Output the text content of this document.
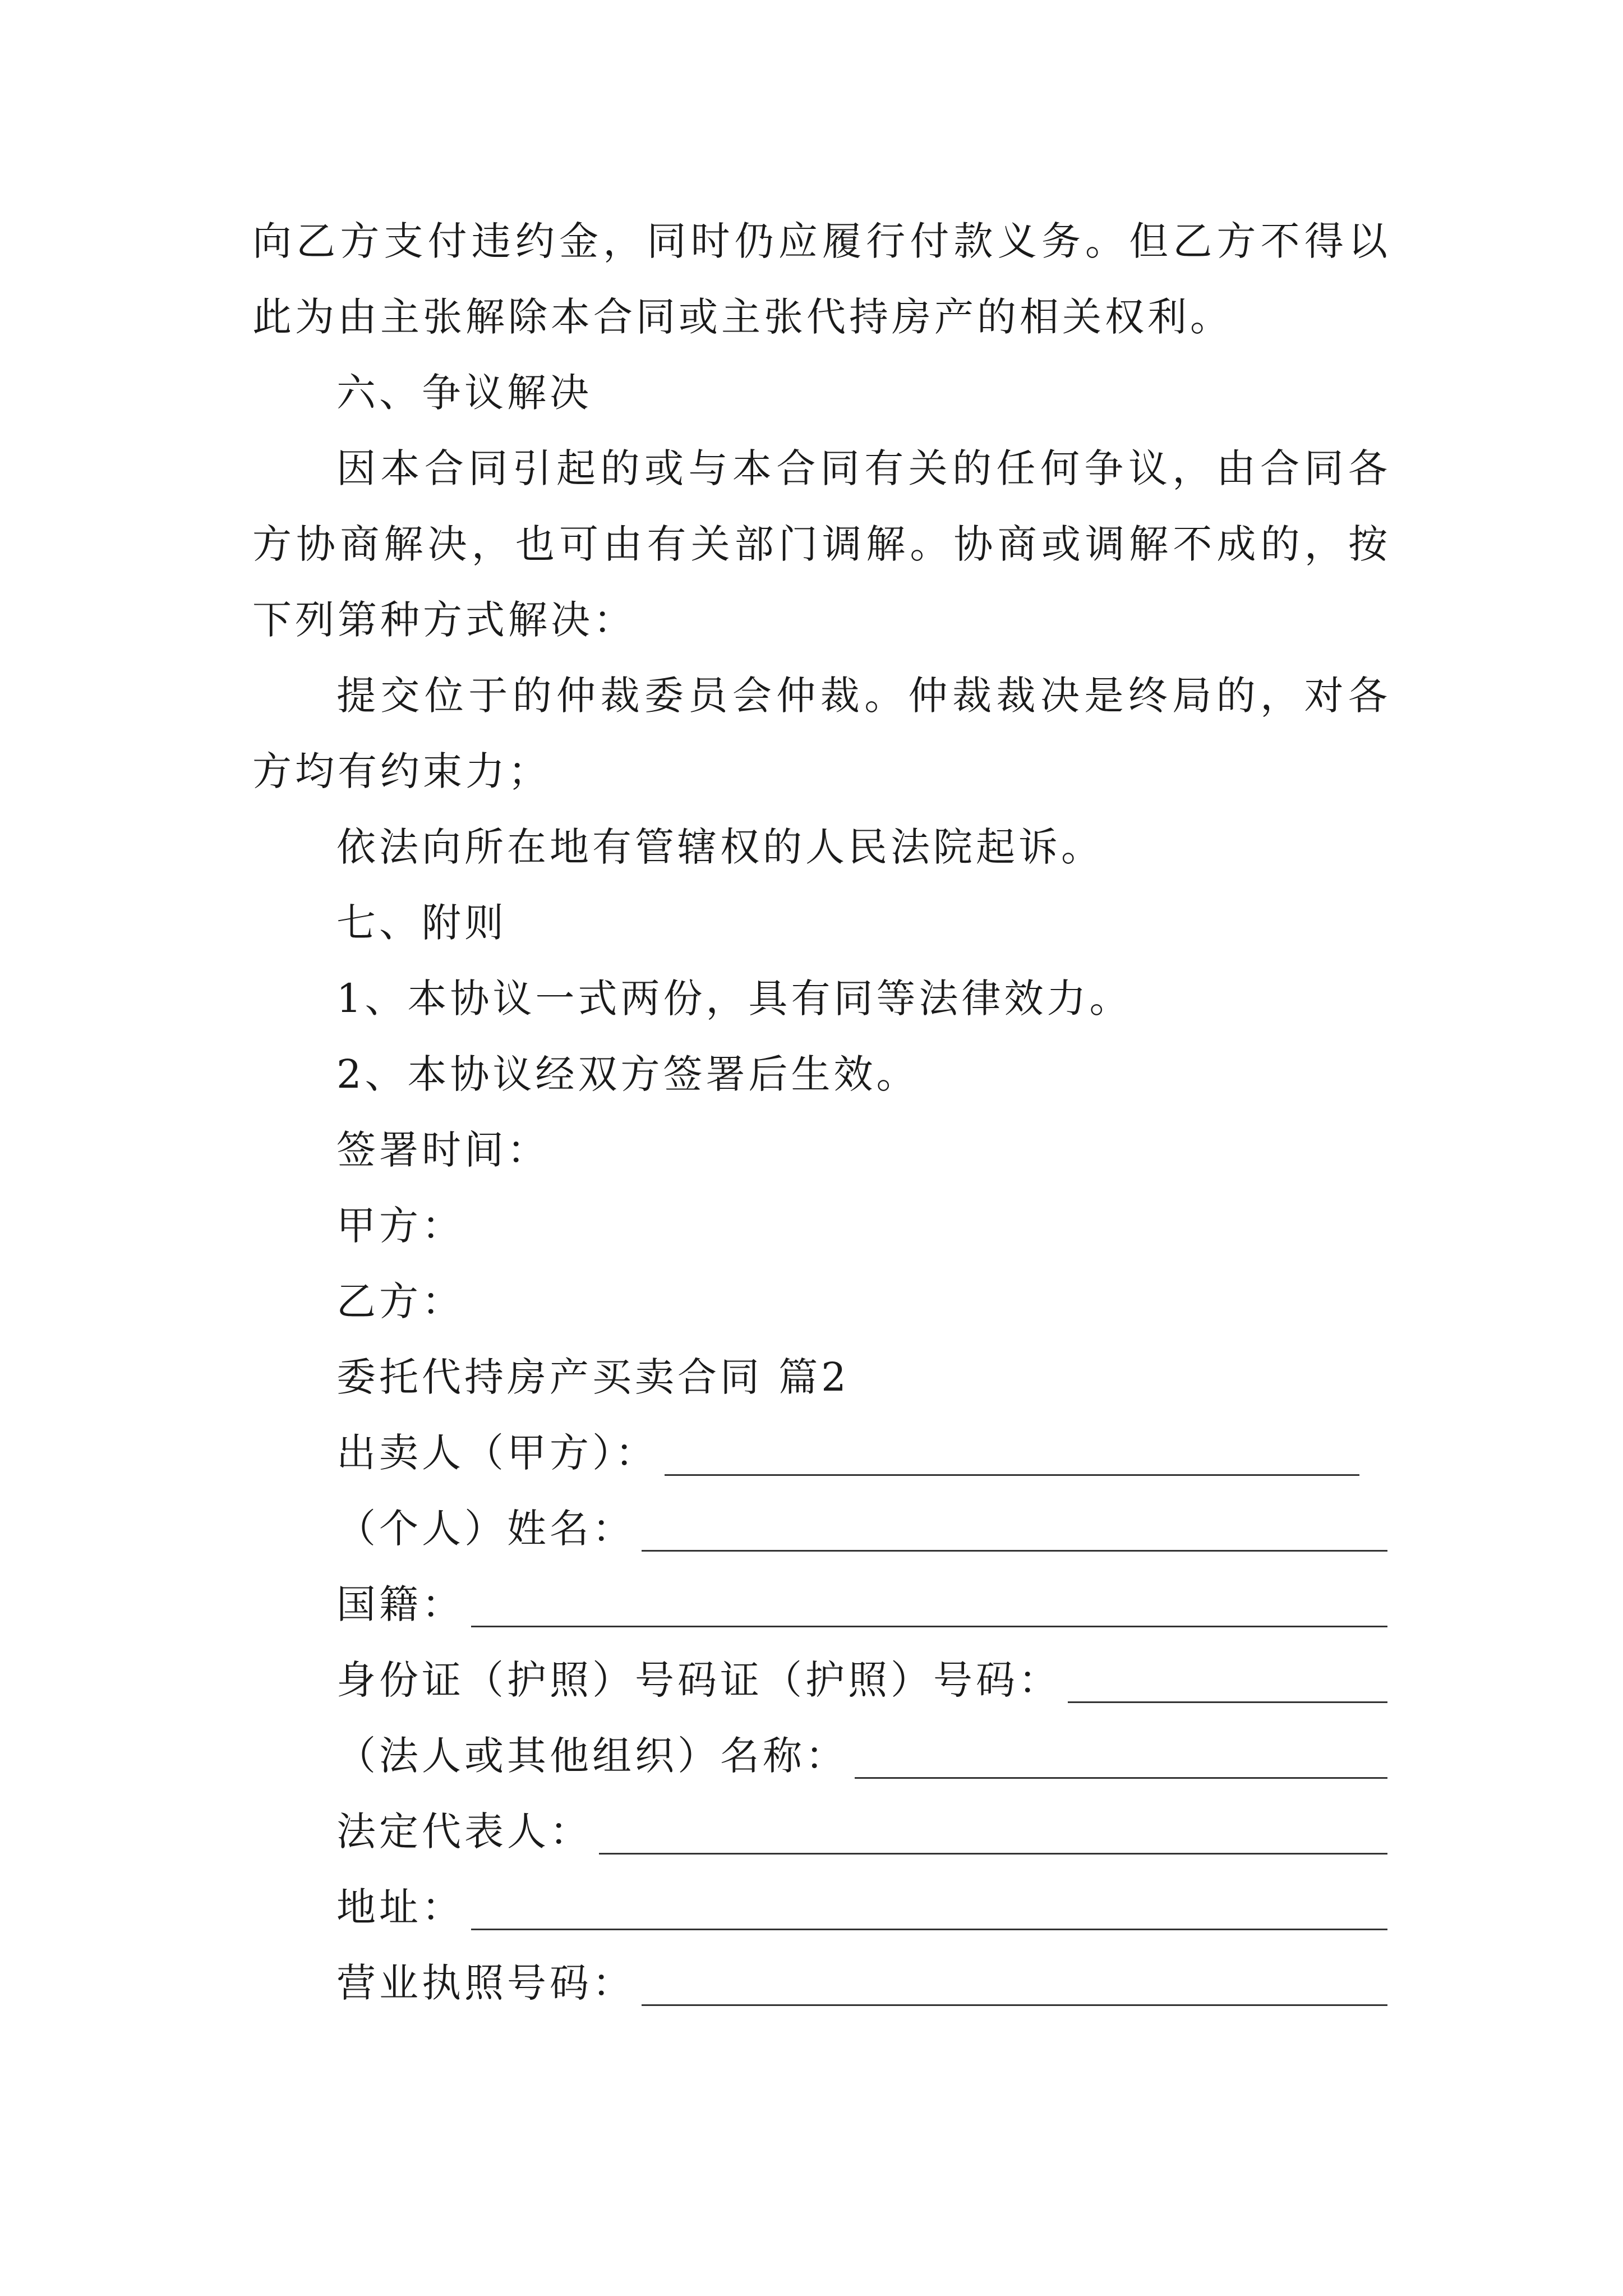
向乙方支付违约金，同时仍应履行付款义务。但乙方不得以
此为由主张解除本合同或主张代持房产的相关权利。
六、争议解决
因本合同引起的或与本合同有关的任何争议，由合同各
方协商解决，也可由有关部门调解。协商或调解不成的，按
下列第种方式解决：
提交位于的仲裁委员会仲裁。仲裁裁决是终局的，对各
方均有约束力；
依法向所在地有管辖权的人民法院起诉。
七、附则
1、本协议一式两份，具有同等法律效力。
2、本协议经双方签署后生效。
签署时间：
甲方：
乙方：
委托代持房产买卖合同 篇2
出卖人（甲方）：
（个人）姓名：
国籍：
身份证（护照）号码证（护照）号码：
（法人或其他组织）名称：
法定代表人：
地址：
营业执照号码：
